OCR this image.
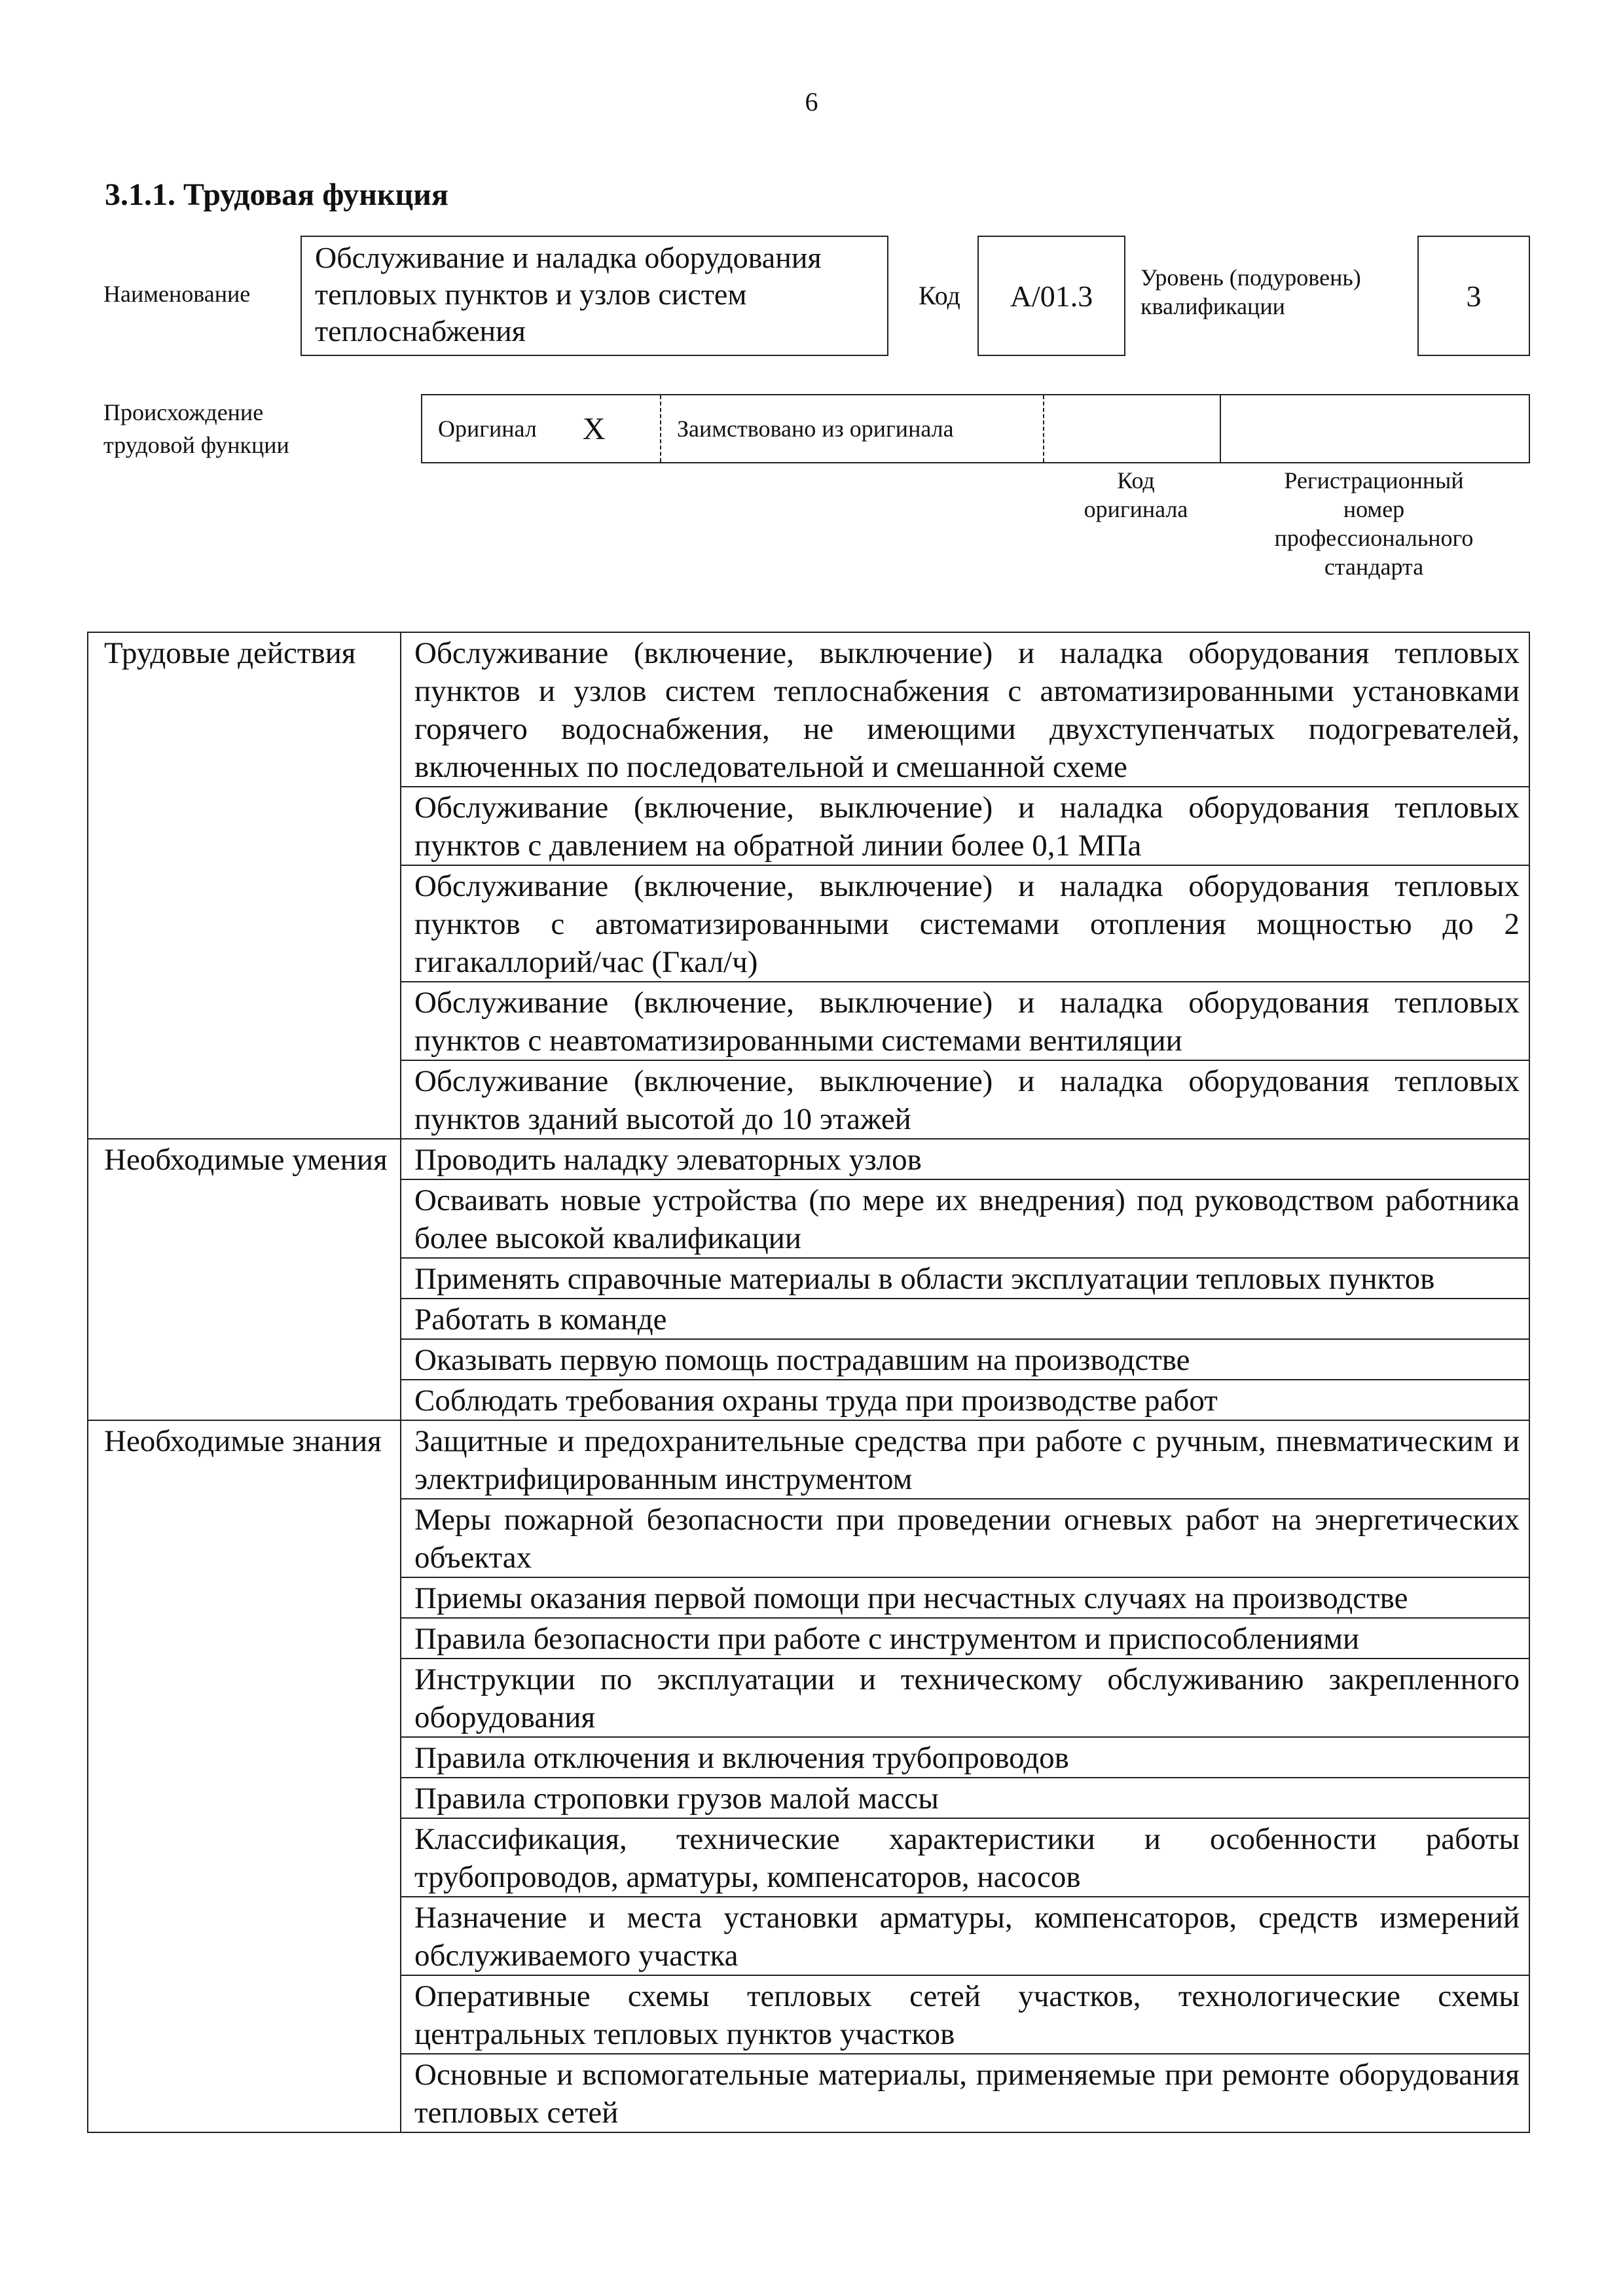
6
3.1.1. Трудовая функция
Наименование
Обслуживание и наладка оборудования тепловых пунктов и узлов систем теплоснабжения
Код	A/01.3
Уровень (подуровень)
квалификации	3
Происхождение
трудовой функции
Оригинал X	Заимствовано из оригинала
Код
оригинала
Регистрационный
номер
профессионального
стандарта
Трудовые действия	Обслуживание (включение, выключение) и наладка оборудования тепловых пунктов и узлов систем теплоснабжения с автоматизированными установками горячего водоснабжения, не имеющими двухступенчатых подогревателей, включенных по последовательной и смешанной схеме
	Обслуживание (включение, выключение) и наладка оборудования тепловых пунктов с давлением на обратной линии более 0,1 МПа
	Обслуживание (включение, выключение) и наладка оборудования тепловых пунктов с автоматизированными системами отопления мощностью до 2 гигакаллорий/час (Гкал/ч)
	Обслуживание (включение, выключение) и наладка оборудования тепловых пунктов с неавтоматизированными системами вентиляции
	Обслуживание (включение, выключение) и наладка оборудования тепловых пунктов зданий высотой до 10 этажей
Необходимые умения	Проводить наладку элеваторных узлов
	Осваивать новые устройства (по мере их внедрения) под руководством работника более высокой квалификации
	Применять справочные материалы в области эксплуатации тепловых пунктов
	Работать в команде
	Оказывать первую помощь пострадавшим на производстве
	Соблюдать требования охраны труда при производстве работ
Необходимые знания	Защитные и предохранительные средства при работе с ручным, пневматическим и электрифицированным инструментом
	Меры пожарной безопасности при проведении огневых работ на энергетических объектах
	Приемы оказания первой помощи при несчастных случаях на производстве
	Правила безопасности при работе с инструментом и приспособлениями
	Инструкции по эксплуатации и техническому обслуживанию закрепленного оборудования
	Правила отключения и включения трубопроводов
	Правила строповки грузов малой массы
	Классификация, технические характеристики и особенности работы трубопроводов, арматуры, компенсаторов, насосов
	Назначение и места установки арматуры, компенсаторов, средств измерений обслуживаемого участка
	Оперативные схемы тепловых сетей участков, технологические схемы центральных тепловых пунктов участков
	Основные и вспомогательные материалы, применяемые при ремонте оборудования тепловых сетей
